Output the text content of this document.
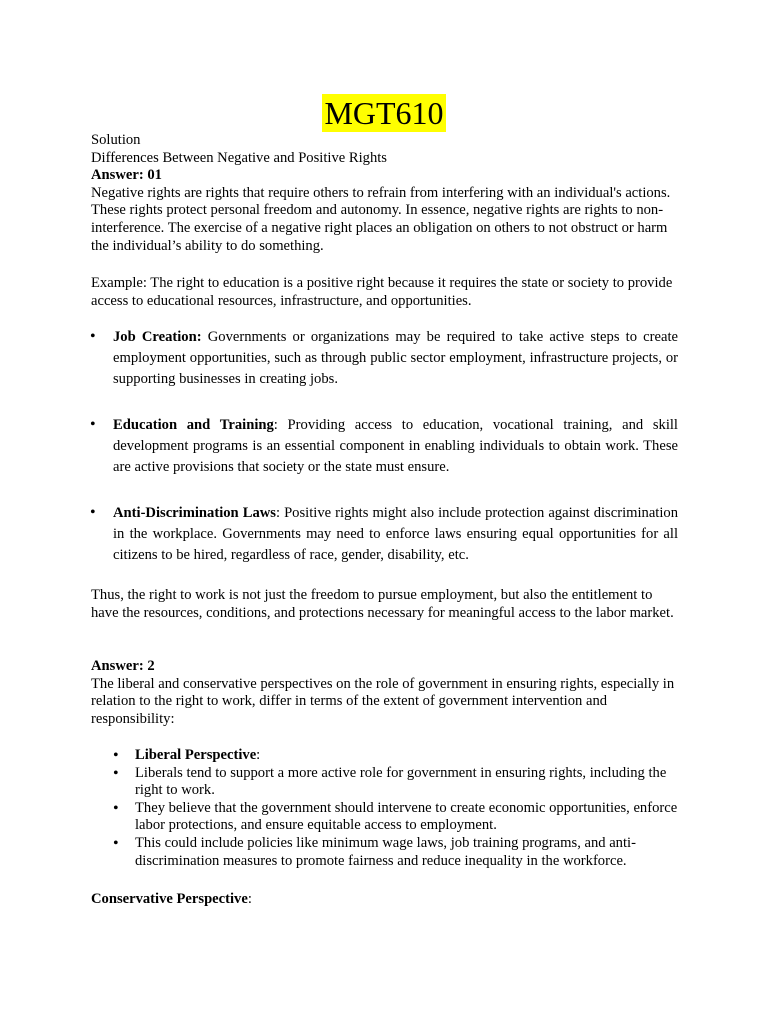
MGT610

Solution

Differences Between Negative and Positive Rights

Answer: 01

Negative rights are rights that require others to refrain from interfering with an individual's actions. These rights protect personal freedom and autonomy. In essence, negative rights are rights to non-interference. The exercise of a negative right places an obligation on others to not obstruct or harm the individual’s ability to do something.

Example: The right to education is a positive right because it requires the state or society to provide access to educational resources, infrastructure, and opportunities.

• Job Creation: Governments or organizations may be required to take active steps to create employment opportunities, such as through public sector employment, infrastructure projects, or supporting businesses in creating jobs.
• Education and Training: Providing access to education, vocational training, and skill development programs is an essential component in enabling individuals to obtain work. These are active provisions that society or the state must ensure.
• Anti-Discrimination Laws: Positive rights might also include protection against discrimination in the workplace. Governments may need to enforce laws ensuring equal opportunities for all citizens to be hired, regardless of race, gender, disability, etc.

Thus, the right to work is not just the freedom to pursue employment, but also the entitlement to have the resources, conditions, and protections necessary for meaningful access to the labor market.

Answer: 2

The liberal and conservative perspectives on the role of government in ensuring rights, especially in relation to the right to work, differ in terms of the extent of government intervention and responsibility:

• Liberal Perspective:
• Liberals tend to support a more active role for government in ensuring rights, including the    right to work.
• They believe that the government should intervene to create economic opportunities, enforce labor protections, and ensure equitable access to employment.
• This could include policies like minimum wage laws, job training programs, and anti-discrimination measures to promote fairness and reduce inequality in the workforce.

Conservative Perspective:
